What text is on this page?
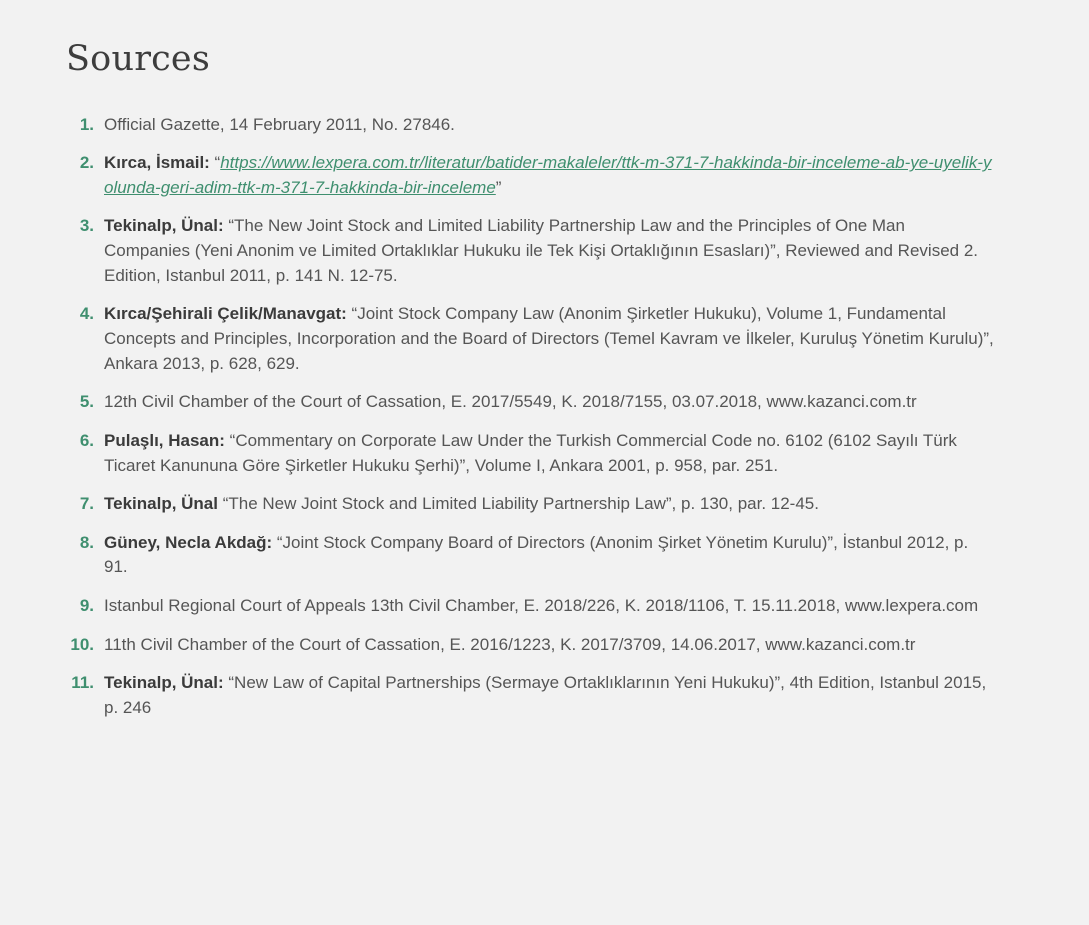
Sources
1. Official Gazette, 14 February 2011, No. 27846.
2. Kırca, İsmail: “https://www.lexpera.com.tr/literatur/batider-makaleler/ttk-m-371-7-hakkinda-bir-inceleme-ab-ye-uyelik-yolunda-geri-adim-ttk-m-371-7-hakkinda-bir-inceleme”
3. Tekinalp, Ünal: “The New Joint Stock and Limited Liability Partnership Law and the Principles of One Man Companies (Yeni Anonim ve Limited Ortaklıklar Hukuku ile Tek Kişi Ortaklığının Esasları)”, Reviewed and Revised 2. Edition, Istanbul 2011, p. 141 N. 12-75.
4. Kırca/Şehirali Çelik/Manavgat: “Joint Stock Company Law (Anonim Şirketler Hukuku), Volume 1, Fundamental Concepts and Principles, Incorporation and the Board of Directors (Temel Kavram ve İlkeler, Kuruluş Yönetim Kurulu)”, Ankara 2013, p. 628, 629.
5. 12th Civil Chamber of the Court of Cassation, E. 2017/5549, K. 2018/7155, 03.07.2018, www.kazanci.com.tr
6. Pulaşlı, Hasan: “Commentary on Corporate Law Under the Turkish Commercial Code no. 6102 (6102 Sayılı Türk Ticaret Kanununa Göre Şirketler Hukuku Şerhi)”, Volume I, Ankara 2001, p. 958, par. 251.
7. Tekinalp, Ünal “The New Joint Stock and Limited Liability Partnership Law”, p. 130, par. 12-45.
8. Güney, Necla Akdağ: “Joint Stock Company Board of Directors (Anonim Şirket Yönetim Kurulu)”, İstanbul 2012, p. 91.
9. Istanbul Regional Court of Appeals 13th Civil Chamber, E. 2018/226, K. 2018/1106, T. 15.11.2018, www.lexpera.com
10. 11th Civil Chamber of the Court of Cassation, E. 2016/1223, K. 2017/3709, 14.06.2017, www.kazanci.com.tr
11. Tekinalp, Ünal: “New Law of Capital Partnerships (Sermaye Ortaklıklarının Yeni Hukuku)”, 4th Edition, Istanbul 2015, p. 246
